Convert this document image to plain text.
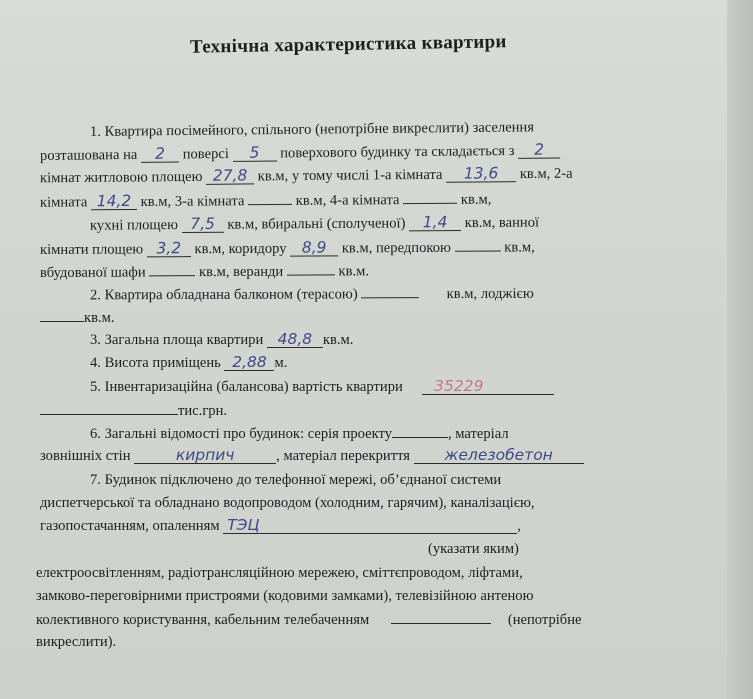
Технічна характеристика квартири
1. Квартира посімейного, спільного (непотрібне викреслити) заселення
розташована на 2 поверсі 5 поверхового будинку та складається з 2
кімнат житловою площею 27,8 кв.м, у тому числі 1-а кімната 13,6 кв.м, 2-а
кімната 14,2 кв.м, 3-а кімната	кв.м, 4-а кімната	кв.м,
кухні площею 7,5 кв.м, вбиральні (сполученої) 1,4 кв.м, ванної
кімнати площею 3,2 кв.м, коридору 8,9 кв.м, передпокою	кв.м,
вбудованої шафи	кв.м, веранди	кв.м.
2. Квартира обладнана балконом (терасою)	кв.м, лоджією
кв.м.
3. Загальна площа квартири 48,8 кв.м.
4. Висота приміщень 2,88 м.
5. Інвентаризаційна (балансова) вартість квартири 35229
тис.грн.
6. Загальні відомості про будинок: серія проекту	, матеріал
зовнішніх стін	кирпич	, матеріал перекриття железобетон
7. Будинок підключено до телефонної мережі, об’єднаної системи
диспетчерської та обладнано водопроводом (холодним, гарячим), каналізацією,
газопостачанням, опаленням ТЭЦ	,
(указати яким)
електроосвітленням, радіотрансляційною мережею, сміттєпроводом, ліфтами,
замково-переговірними пристроями (кодовими замками), телевізійною антеною
колективного користування, кабельним телебаченням	(непотрібне
викреслити).
